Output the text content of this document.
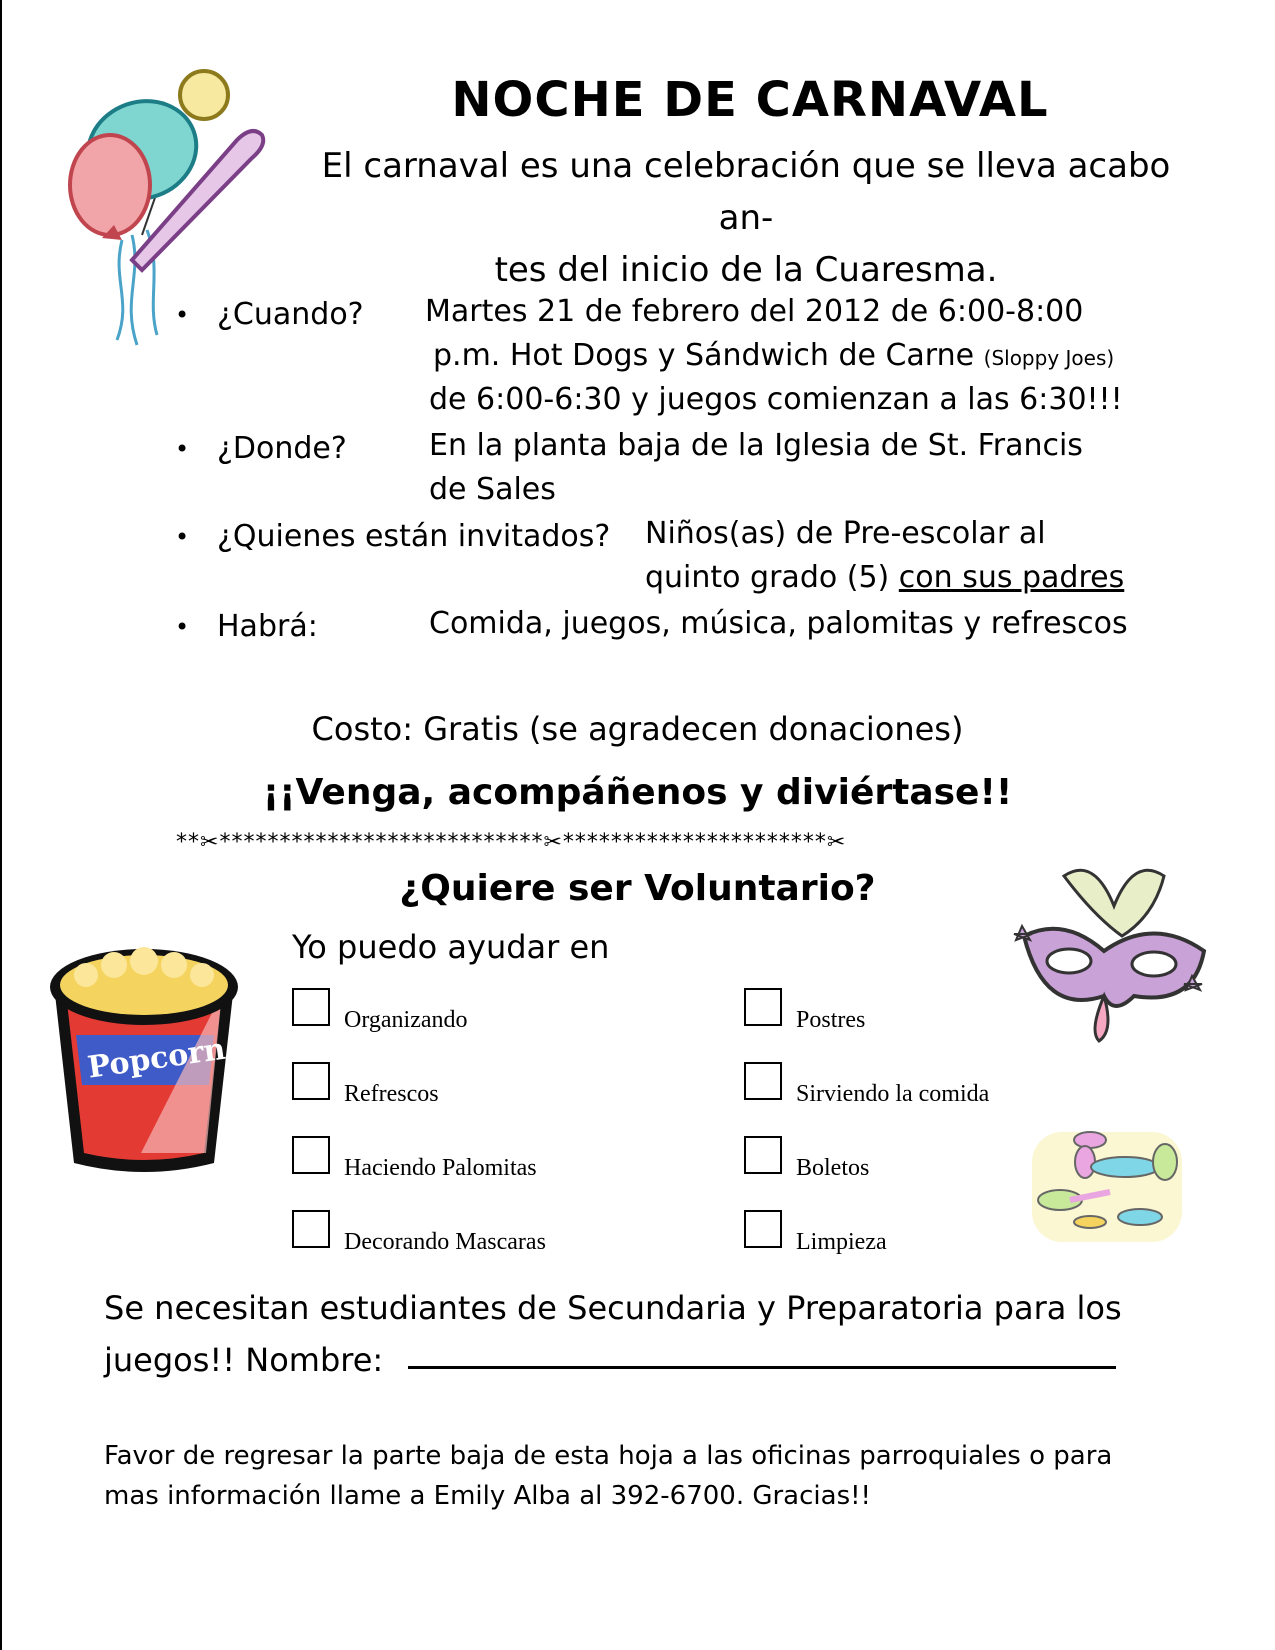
NOCHE DE CARNAVAL
El carnaval es una celebración que se lleva acabo an-
tes del inicio de la Cuaresma.
• ¿Cuando? Martes 21 de febrero del 2012 de 6:00-8:00
p.m. Hot Dogs y Sándwich de Carne (Sloppy Joes)
de 6:00-6:30 y juegos comienzan a las 6:30!!!
• ¿Donde?	En la planta baja de la Iglesia de St. Francis
de Sales
• ¿Quienes están invitados? Niños(as) de Pre-escolar al
quinto grado (5) con sus padres
• Habrá:	Comida, juegos, música, palomitas y refrescos
Costo: Gratis (se agradecen donaciones)
¡¡Venga, acompáñenos y diviértase!!
**✂***************************✂**********************✂
¿Quiere ser Voluntario?
Yo puedo ayudar en
Organizando
Refrescos
Haciendo Palomitas
Decorando Mascaras
Postres
Sirviendo la comida
Boletos
Limpieza
Popcorn
Se necesitan estudiantes de Secundaria y Preparatoria para los
juegos!! Nombre:
Favor de regresar la parte baja de esta hoja a las oficinas parroquiales o para
mas información llame a Emily Alba al 392-6700. Gracias!!
